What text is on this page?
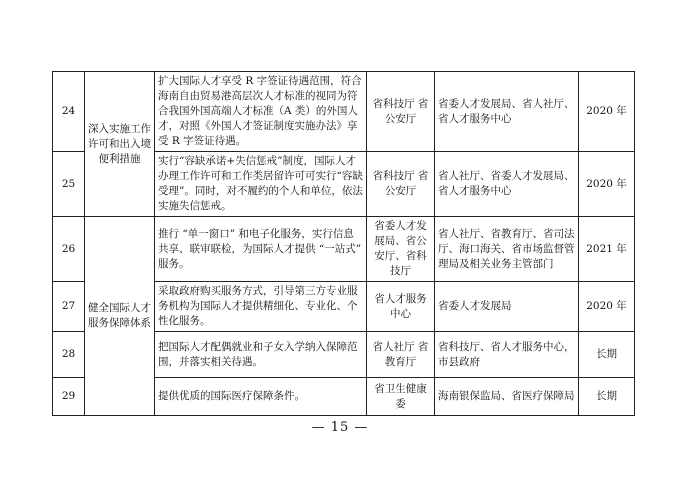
24	深入实施工作许可和出入境便利措施	扩大国际人才享受 R 字签证待遇范围，符合海南自由贸易港高层次人才标准的视同为符合我国外国高端人才标准（A 类）的外国人才，对照《外国人才签证制度实施办法》享受 R 字签证待遇。	省科技厅 省公安厅	省委人才发展局、省人社厅、省人才服务中心	2020 年
25		实行“容缺承诺+失信惩戒”制度，国际人才办理工作许可和工作类居留许可可实行“容缺受理”。同时，对不履约的个人和单位，依法实施失信惩戒。	省科技厅 省公安厅	省人社厅、省委人才发展局、省人才服务中心	2020 年
26	健全国际人才服务保障体系	推行 “单一窗口” 和电子化服务，实行信息共享、联审联检，为国际人才提供 “一站式” 服务。	省委人才发展局、省公安厅、省科技厅	省人社厅、省教育厅、省司法厅、海口海关、省市场监督管理局及相关业务主管部门	2021 年
27		采取政府购买服务方式，引导第三方专业服务机构为国际人才提供精细化、专业化、个性化服务。	省人才服务中心	省委人才发展局	2020 年
28		把国际人才配偶就业和子女入学纳入保障范围，并落实相关待遇。	省人社厅 省教育厅	省科技厅、省人才服务中心，市县政府	长期
29		提供优质的国际医疗保障条件。	省卫生健康委	海南银保监局、省医疗保障局	长期
— 15 —
